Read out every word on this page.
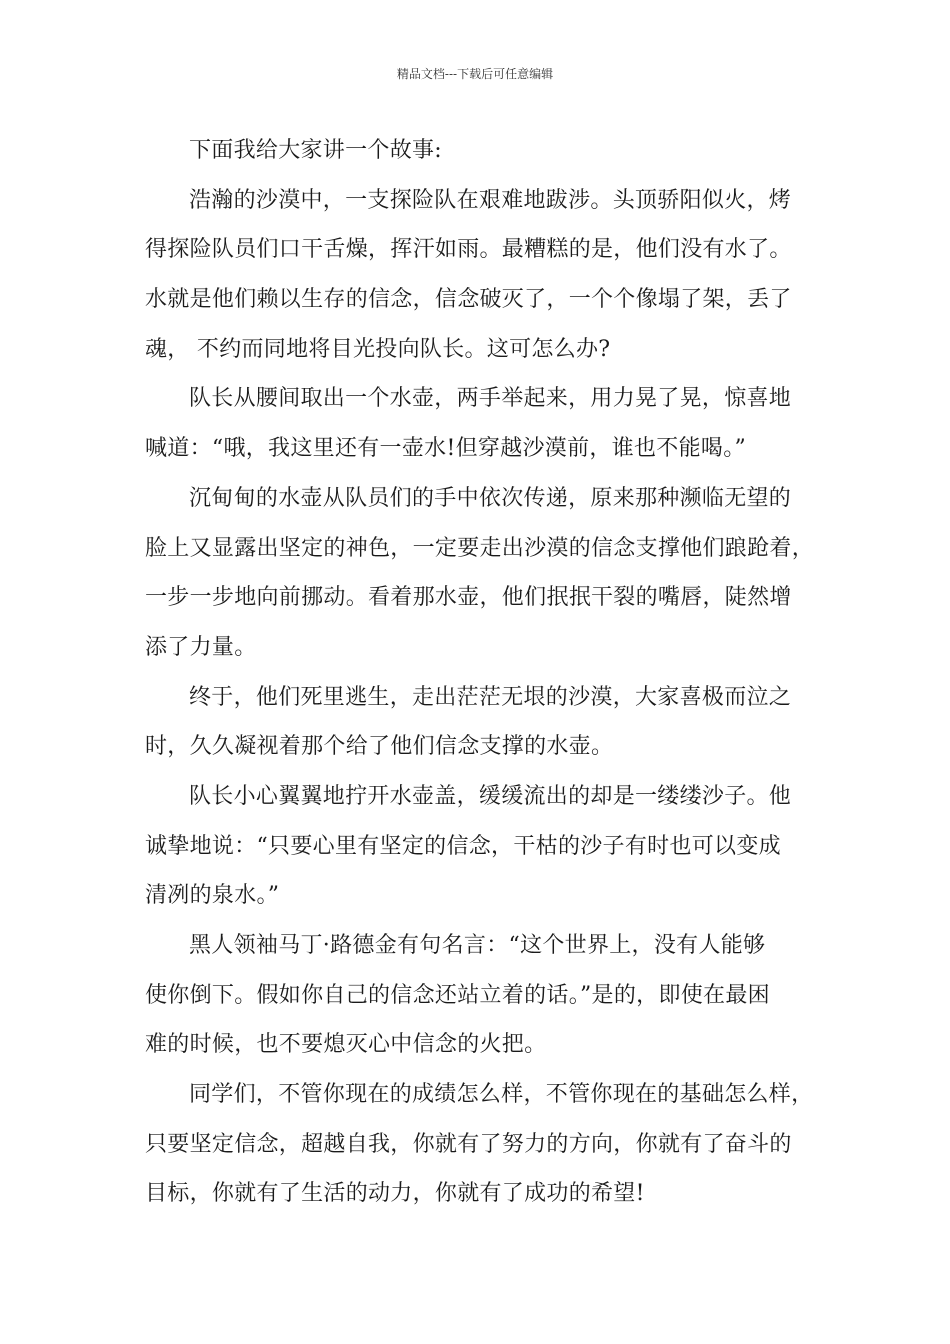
精品文档---下载后可任意编辑
下面我给大家讲一个故事:
浩瀚的沙漠中，一支探险队在艰难地跋涉。头顶骄阳似火，烤
得探险队员们口干舌燥，挥汗如雨。最糟糕的是，他们没有水了。
水就是他们赖以生存的信念，信念破灭了，一个个像塌了架，丢了
魂， 不约而同地将目光投向队长。这可怎么办?
队长从腰间取出一个水壶，两手举起来，用力晃了晃，惊喜地
喊道：“哦，我这里还有一壶水!但穿越沙漠前，谁也不能喝。”
沉甸甸的水壶从队员们的手中依次传递，原来那种濒临无望的
脸上又显露出坚定的神色，一定要走出沙漠的信念支撑他们踉跄着，
一步一步地向前挪动。看着那水壶，他们抿抿干裂的嘴唇，陡然增
添了力量。
终于，他们死里逃生，走出茫茫无垠的沙漠，大家喜极而泣之
时，久久凝视着那个给了他们信念支撑的水壶。
队长小心翼翼地拧开水壶盖，缓缓流出的却是一缕缕沙子。他
诚挚地说：“只要心里有坚定的信念，干枯的沙子有时也可以变成
清冽的泉水。”
黑人领袖马丁·路德金有句名言：“这个世界上，没有人能够
使你倒下。假如你自己的信念还站立着的话。”是的，即使在最困
难的时候，也不要熄灭心中信念的火把。
同学们，不管你现在的成绩怎么样，不管你现在的基础怎么样，
只要坚定信念，超越自我，你就有了努力的方向，你就有了奋斗的
目标，你就有了生活的动力，你就有了成功的希望!
